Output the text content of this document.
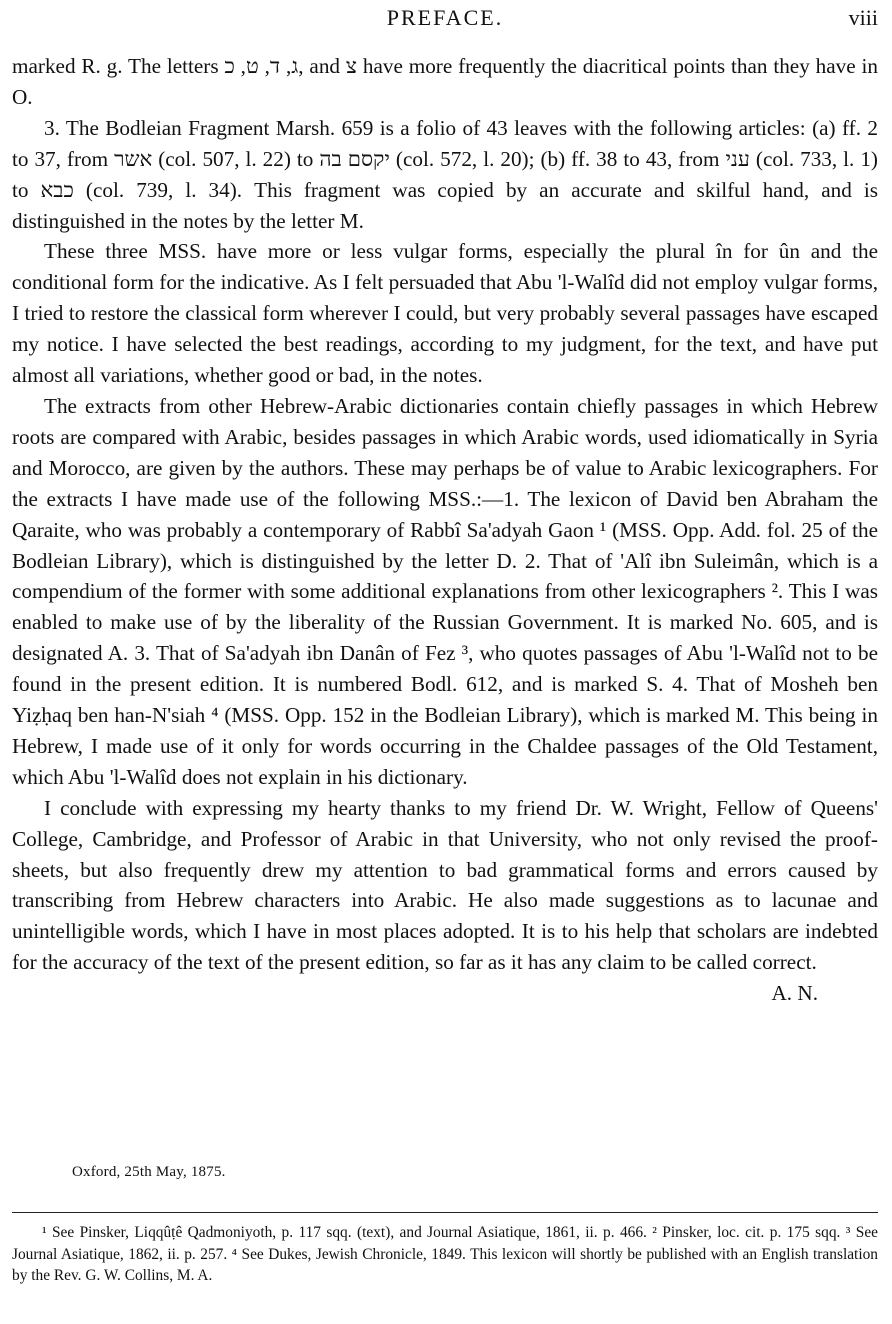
PREFACE.	viii

marked R. g. The letters ג, ד, ט, כ, and צ have more frequently the diacritical points than they have in O.

3. The Bodleian Fragment Marsh. 659 is a folio of 43 leaves with the following articles: (a) ff. 2 to 37, from אשר (col. 507, l. 22) to יקסם בה (col. 572, l. 20); (b) ff. 38 to 43, from עני (col. 733, l. 1) to כבא (col. 739, l. 34). This fragment was copied by an accurate and skilful hand, and is distinguished in the notes by the letter M.

These three MSS. have more or less vulgar forms, especially the plural în for ûn and the conditional form for the indicative. As I felt persuaded that Abu 'l-Walîd did not employ vulgar forms, I tried to restore the classical form wherever I could, but very probably several passages have escaped my notice. I have selected the best readings, according to my judgment, for the text, and have put almost all variations, whether good or bad, in the notes.

The extracts from other Hebrew-Arabic dictionaries contain chiefly passages in which Hebrew roots are compared with Arabic, besides passages in which Arabic words, used idiomatically in Syria and Morocco, are given by the authors. These may perhaps be of value to Arabic lexicographers. For the extracts I have made use of the following MSS.:—1. The lexicon of David ben Abraham the Qaraite, who was probably a contemporary of Rabbî Sa'adyah Gaon ¹ (MSS. Opp. Add. fol. 25 of the Bodleian Library), which is distinguished by the letter D. 2. That of 'Alî ibn Suleimân, which is a compendium of the former with some additional explanations from other lexicographers ². This I was enabled to make use of by the liberality of the Russian Government. It is marked No. 605, and is designated A. 3. That of Sa'adyah ibn Danân of Fez ³, who quotes passages of Abu 'l-Walîd not to be found in the present edition. It is numbered Bodl. 612, and is marked S. 4. That of Mosheh ben Yiẓḥaq ben han-N'siah ⁴ (MSS. Opp. 152 in the Bodleian Library), which is marked M. This being in Hebrew, I made use of it only for words occurring in the Chaldee passages of the Old Testament, which Abu 'l-Walîd does not explain in his dictionary.

I conclude with expressing my hearty thanks to my friend Dr. W. Wright, Fellow of Queens' College, Cambridge, and Professor of Arabic in that University, who not only revised the proof-sheets, but also frequently drew my attention to bad grammatical forms and errors caused by transcribing from Hebrew characters into Arabic. He also made suggestions as to lacunae and unintelligible words, which I have in most places adopted. It is to his help that scholars are indebted for the accuracy of the text of the present edition, so far as it has any claim to be called correct.

A. N.

Oxford, 25th May, 1875.

¹ See Pinsker, Liqqûṭê Qadmoniyoth, p. 117 sqq. (text), and Journal Asiatique, 1861, ii. p. 466. ² Pinsker, loc. cit. p. 175 sqq. ³ See Journal Asiatique, 1862, ii. p. 257. ⁴ See Dukes, Jewish Chronicle, 1849. This lexicon will shortly be published with an English translation by the Rev. G. W. Collins, M. A.
